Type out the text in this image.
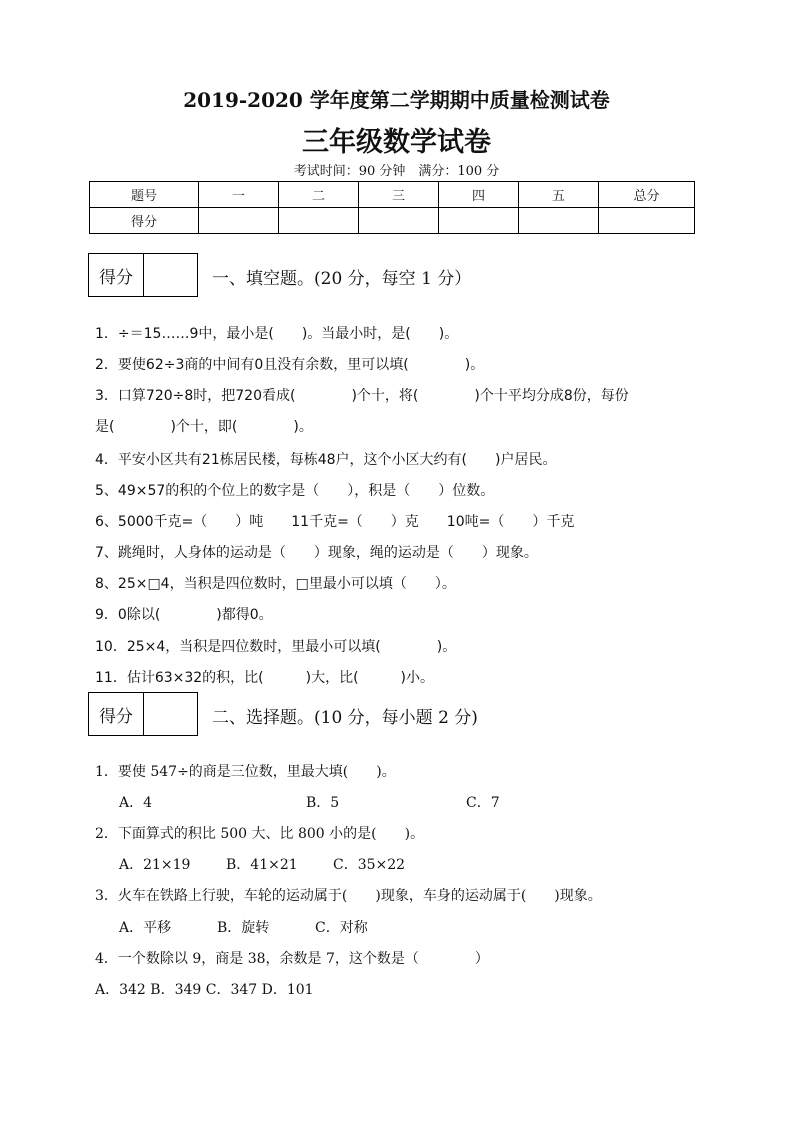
2019-2020 学年度第二学期期中质量检测试卷
三年级数学试卷
考试时间：90 分钟　满分：100 分
题号	一	二	三	四	五	总分
得分						
得分	一、填空题。(20 分，每空 1 分）
1．÷＝15……9中，最小是(　　)。当最小时，是(　　)。
2．要使62÷3商的中间有0且没有余数，里可以填(　　　　)。
3．口算720÷8时，把720看成(　　　　)个十，将(　　　　)个十平均分成8份，每份
是(　　　　)个十，即(　　　　)。
4．平安小区共有21栋居民楼，每栋48户，这个小区大约有(　　)户居民。
5、49×57的积的个位上的数字是（　　），积是（　　）位数。
6、5000千克=（　　）吨　　11千克=（　　）克　　10吨=（　　）千克
7、跳绳时，人身体的运动是（　　）现象，绳的运动是（　　）现象。
8、25×□4，当积是四位数时，□里最小可以填（　　）。
9．0除以(　　　　)都得0。
10．25×4，当积是四位数时，里最小可以填(　　　　)。
11．估计63×32的积，比(　　　)大，比(　　　)小。
得分	二、选择题。(10 分，每小题 2 分)
1．要使 547÷的商是三位数，里最大填(　　)。
A．4	B．5	C．7
2．下面算式的积比 500 大、比 800 小的是(　　)。
A．21×19	B．41×21	C．35×22
3．火车在铁路上行驶，车轮的运动属于(　　)现象，车身的运动属于(　　)现象。
A．平移	B．旋转	C．对称
4．一个数除以 9，商是 38，余数是 7，这个数是（　　　　）
A．342 B．349 C．347 D．101
